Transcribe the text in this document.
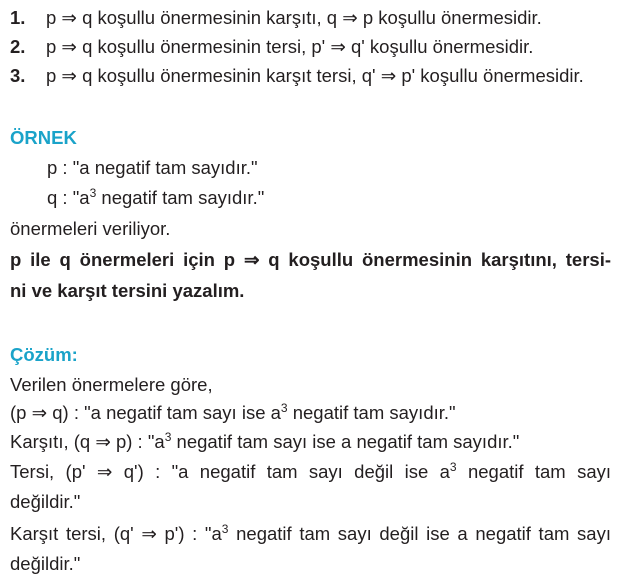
1. p ⇒ q koşullu önermesinin karşıtı, q ⇒ p koşullu önermesidir.
2. p ⇒ q koşullu önermesinin tersi, p' ⇒ q' koşullu önermesidir.
3. p ⇒ q koşullu önermesinin karşıt tersi, q' ⇒ p' koşullu önermesidir.
ÖRNEK
p : "a negatif tam sayıdır."
q : "$a^3$ negatif tam sayıdır."
önermeleri veriliyor.
p ile q önermeleri için p ⇒ q koşullu önermesinin karşıtını, tersi-
ni ve karşıt tersini yazalım.
Çözüm:
Verilen önermelere göre,
(p ⇒ q) : "a negatif tam sayı ise $a^3$ negatif tam sayıdır."
Karşıtı, (q ⇒ p) : "$a^3$ negatif tam sayı ise a negatif tam sayıdır."
Tersi, (p' ⇒ q') : "a negatif tam sayı değil ise $a^3$ negatif tam sayı
değildir."
Karşıt tersi, (q' ⇒ p') : "$a^3$ negatif tam sayı değil ise a negatif tam sayı
değildir."
